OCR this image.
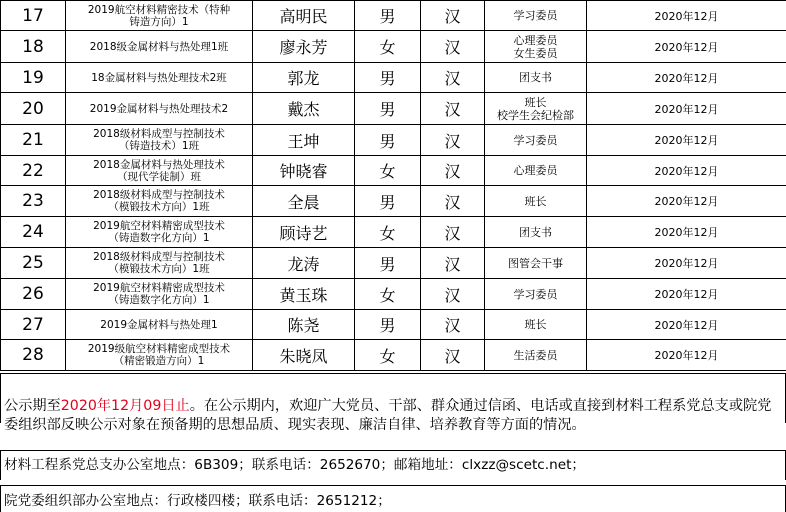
17	2019航空材料精密技术（特种
铸造方向）1	高明民	男	汉	学习委员	2020年12月
18	2018级金属材料与热处理1班	廖永芳	女	汉	心理委员
女生委员	2020年12月
19	18金属材料与热处理技术2班	郭龙	男	汉	团支书	2020年12月
20	2019金属材料与热处理技术2	戴杰	男	汉	班长
校学生会纪检部	2020年12月
21	2018级材料成型与控制技术
（铸造技术）1班	王坤	男	汉	学习委员	2020年12月
22	2018金属材料与热处理技术
（现代学徒制）班	钟晓睿	女	汉	心理委员	2020年12月
23	2018级材料成型与控制技术
（模锻技术方向）1班	全晨	男	汉	班长	2020年12月
24	2019航空材料精密成型技术
（铸造数字化方向）1	顾诗艺	女	汉	团支书	2020年12月
25	2018级材料成型与控制技术
（模锻技术方向）1班	龙涛	男	汉	图管会干事	2020年12月
26	2019航空材料精密成型技术
（铸造数字化方向）1	黄玉珠	女	汉	学习委员	2020年12月
27	2019金属材料与热处理1	陈尧	男	汉	班长	2020年12月
28	2019级航空材料精密成型技术
（精密锻造方向）1	朱晓凤	女	汉	生活委员	2020年12月
公示期至2020年12月09日止。在公示期内，欢迎广大党员、干部、群众通过信函、电话或直接到材料工程系党总支或院党委组织部反映公示对象在预备期的思想品质、现实表现、廉洁自律、培养教育等方面的情况。
材料工程系党总支办公室地点：6B309；联系电话：2652670；邮箱地址：clxzz@scetc.net；
院党委组织部办公室地点：行政楼四楼；联系电话：2651212；
